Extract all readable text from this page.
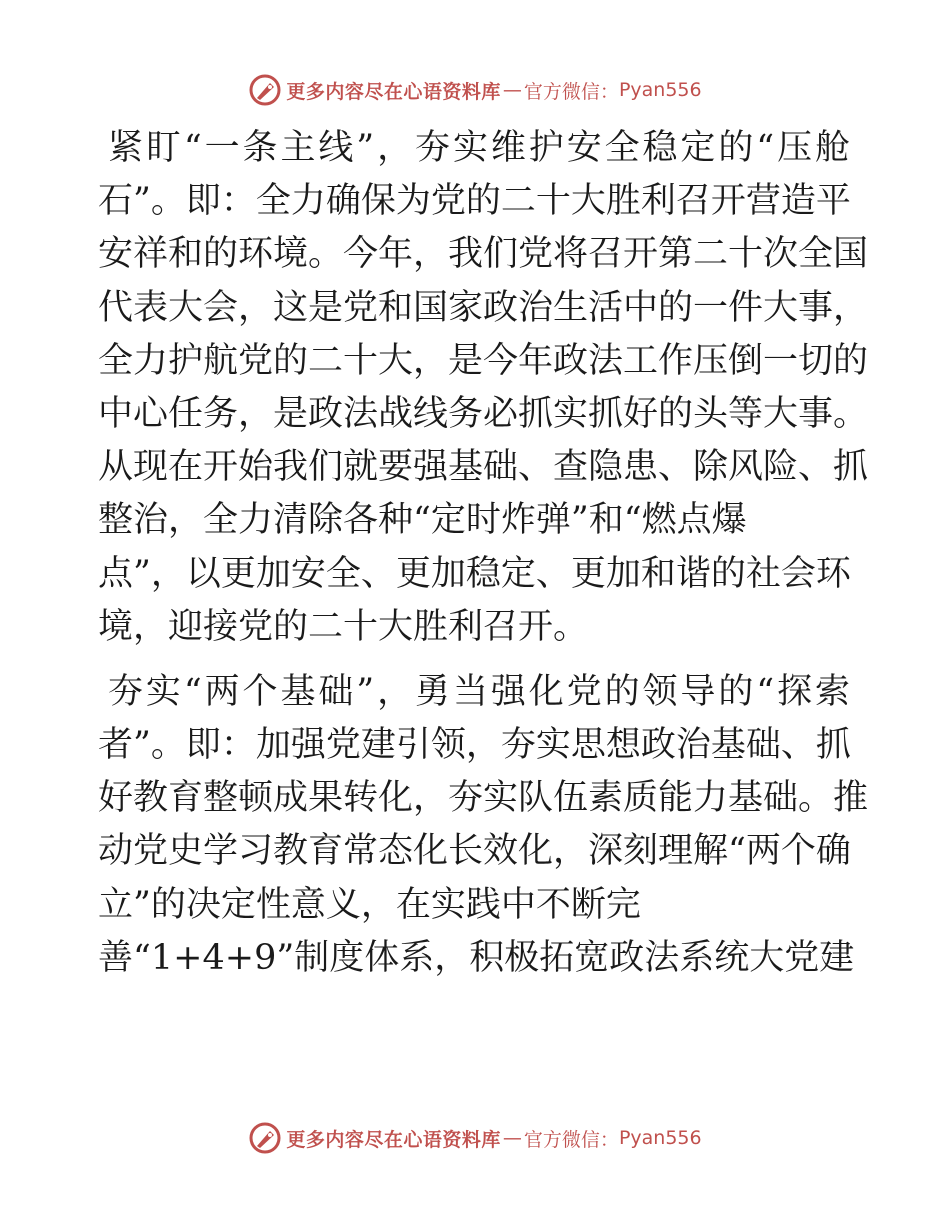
更多内容尽在心语资料库 — 官方微信： Pyan556
紧盯“一条主线”，夯实维护安全稳定的“压舱
石”。即：全力确保为党的二十大胜利召开营造平
安祥和的环境。今年，我们党将召开第二十次全国
代表大会，这是党和国家政治生活中的一件大事，
全力护航党的二十大，是今年政法工作压倒一切的
中心任务，是政法战线务必抓实抓好的头等大事。
从现在开始我们就要强基础、查隐患、除风险、抓
整治，全力清除各种“定时炸弹”和“燃点爆
点”，以更加安全、更加稳定、更加和谐的社会环
境，迎接党的二十大胜利召开。
夯实“两个基础”，勇当强化党的领导的“探索
者”。即：加强党建引领，夯实思想政治基础、抓
好教育整顿成果转化，夯实队伍素质能力基础。推
动党史学习教育常态化长效化，深刻理解“两个确
立”的决定性意义，在实践中不断完
善“1+4+9”制度体系，积极拓宽政法系统大党建
更多内容尽在心语资料库 — 官方微信： Pyan556
